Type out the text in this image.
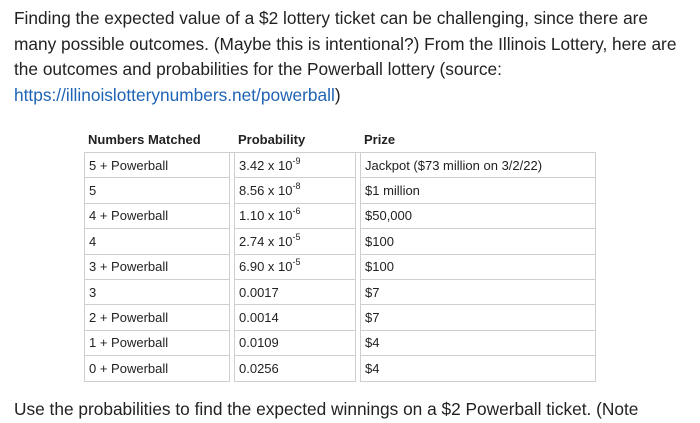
Finding the expected value of a $2 lottery ticket can be challenging, since there are many possible outcomes. (Maybe this is intentional?) From the Illinois Lottery, here are the outcomes and probabilities for the Powerball lottery (source: https://illinoislotterynumbers.net/powerball)

Numbers Matched		Probability		Prize
5 + Powerball		3.42 x $10^{-9}$		Jackpot ($73 million on 3/2/22)
5		8.56 x $10^{-8}$		$1 million
4 + Powerball		1.10 x $10^{-6}$		$50,000
4		2.74 x $10^{-5}$		$100
3 + Powerball		6.90 x $10^{-5}$		$100
3		0.0017		$7
2 + Powerball		0.0014		$7
1 + Powerball		0.0109		$4
0 + Powerball		0.0256		$4

Use the probabilities to find the expected winnings on a $2 Powerball ticket. (Note
